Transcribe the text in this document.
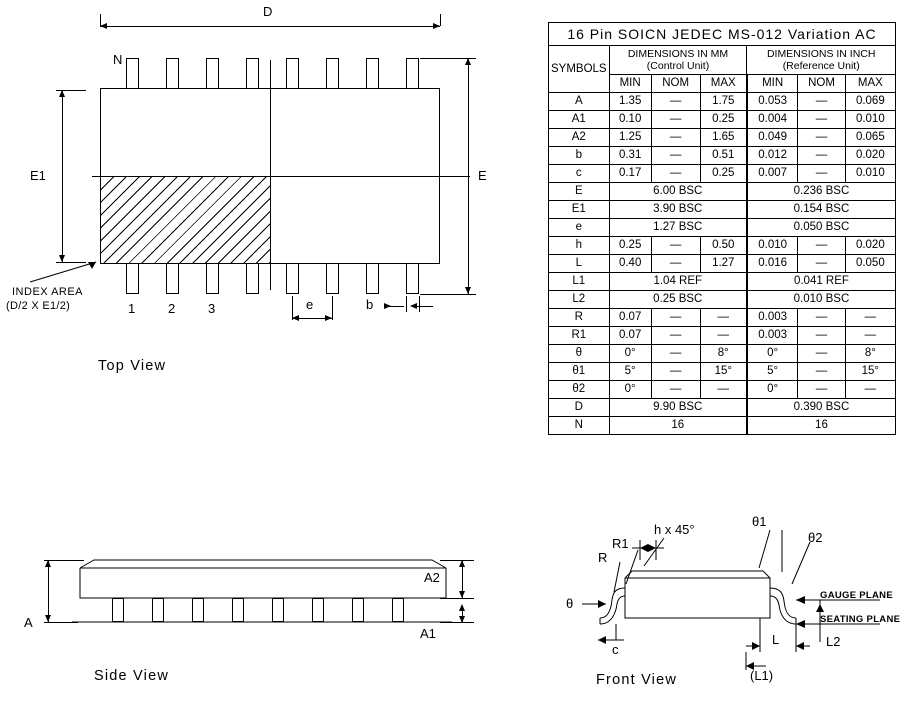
D
E
E1
N
INDEX AREA
(D/2 X E1/2)	1	2	3	e	b
Top View
A
A2
A1
Side View
R1
R
h x 45°
θ1
θ2
θ
c
L
(L1)
L2
GAUGE PLANE
SEATING PLANE
Front View
16 Pin SOICN JEDEC MS-012 Variation AC						
SYMBOLS	
DIMENSIONS IN MM
(Control Unit)

DIMENSIONS IN INCH
(Reference Unit)

	MIN	NOM	MAX	MIN	NOM	MAX
A	1.35	—	1.75	0.053	—	0.069
A1	0.10	—	0.25	0.004	—	0.010
A2	1.25	—	1.65	0.049	—	0.065
b	0.31	—	0.51	0.012	—	0.020
c	0.17	—	0.25	0.007	—	0.010
E	6.00 BSC			0.236 BSC		
E1	3.90 BSC			0.154 BSC		
e	1.27 BSC			0.050 BSC		
h	0.25	—	0.50	0.010	—	0.020
L	0.40	—	1.27	0.016	—	0.050
L1	1.04 REF			0.041 REF		
L2	0.25 BSC			0.010 BSC		
R	0.07	—	—	0.003	—	—
R1	0.07	—	—	0.003	—	—
θ	0°	—	8°	0°	—	8°
θ1	5°	—	15°	5°	—	15°
θ2	0°	—	—	0°	—	—
D	9.90 BSC			0.390 BSC		
N	16			16		
